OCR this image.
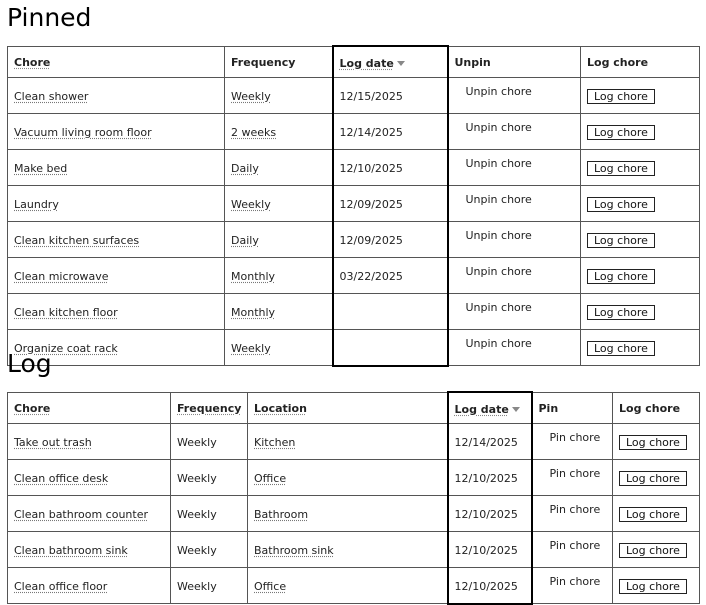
Pinned
Chore	Frequency	Log date	Unpin	Log chore
Clean shower	Weekly	12/15/2025	Unpin chore	Log chore
Vacuum living room floor	2 weeks	12/14/2025	Unpin chore	Log chore
Make bed	Daily	12/10/2025	Unpin chore	Log chore
Laundry	Weekly	12/09/2025	Unpin chore	Log chore
Clean kitchen surfaces	Daily	12/09/2025	Unpin chore	Log chore
Clean microwave	Monthly	03/22/2025	Unpin chore	Log chore
Clean kitchen floor	Monthly		Unpin chore	Log chore
Organize coat rack	Weekly		Unpin chore	Log chore
Log
Chore	Frequency	Location	Log date	Pin	Log chore
Take out trash	Weekly	Kitchen	12/14/2025	Pin chore	Log chore
Clean office desk	Weekly	Office	12/10/2025	Pin chore	Log chore
Clean bathroom counter	Weekly	Bathroom	12/10/2025	Pin chore	Log chore
Clean bathroom sink	Weekly	Bathroom sink	12/10/2025	Pin chore	Log chore
Clean office floor	Weekly	Office	12/10/2025	Pin chore	Log chore
